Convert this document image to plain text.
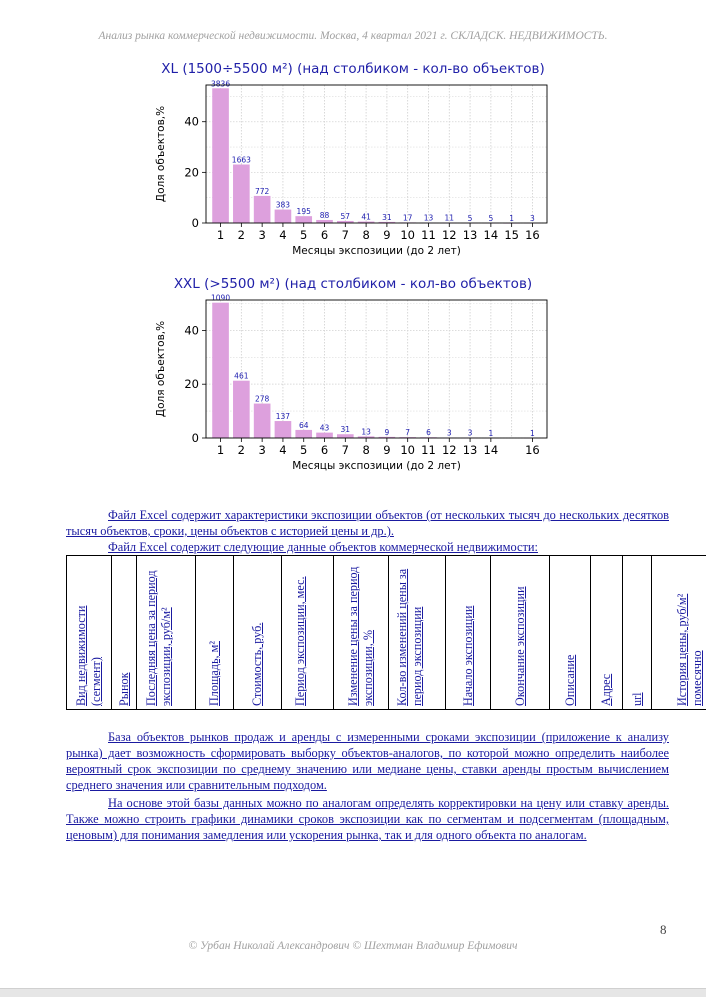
Анализ рынка коммерческой недвижимости. Москва, 4 квартал 2021 г. СКЛАДСК. НЕДВИЖИМОСТЬ.
XL (1500÷5500 м²) (над столбиком - кол-во объектов)
3836
1663
772
383
195 88 57 41 31 17 13 11 5 5 1 3
1 2 3 4 5 6 7 8 9 10 11 12 13 14 15 16
0
20
40
Месяцы экспозиции (до 2 лет)
Доля объектов,%
XXL (>5500 м²) (над столбиком - кол-во объектов)
1090
461
278
137
64 43 31 13 9 7 6 3 3 1	1
1 2 3 4 5 6 7 8 9 10 11 12 13 14 16
0
20
40
Месяцы экспозиции (до 2 лет)
Доля объектов,%
Файл Excel содержит характеристики экспозиции объектов (от нескольких тысяч до нескольких десятков тысяч объектов, сроки, цены объектов с историей цены и др.).
Файл Excel содержит следующие данные объектов коммерческой недвижимости:
Вид недвижимости (сегмент)	Рынок	Последняя цена за период экспозиции, руб/м²	Площадь, м²	Стоимость, руб.	Период экспозиции, мес.	Изменение цены за период экспозиции, %	Кол-во изменений цены за период экспозиции	Начало экспозиции	Окончание экспозиции	Описание	Адрес	url	История цены, руб/м² помесячно
База объектов рынков продаж и аренды с измеренными сроками экспозиции (приложение к анализу рынка) дает возможность сформировать выборку объектов-аналогов, по которой можно определить наиболее вероятный срок экспозиции по среднему значению или медиане цены, ставки аренды простым вычислением среднего значения или сравнительным подходом.
На основе этой базы данных можно по аналогам определять корректировки на цену или ставку аренды. Также можно строить графики динамики сроков экспозиции как по сегментам и подсегментам (площадным, ценовым) для понимания замедления или ускорения рынка, так и для одного объекта по аналогам.
8
© Урбан Николай Александрович © Шехтман Владимир Ефимович
